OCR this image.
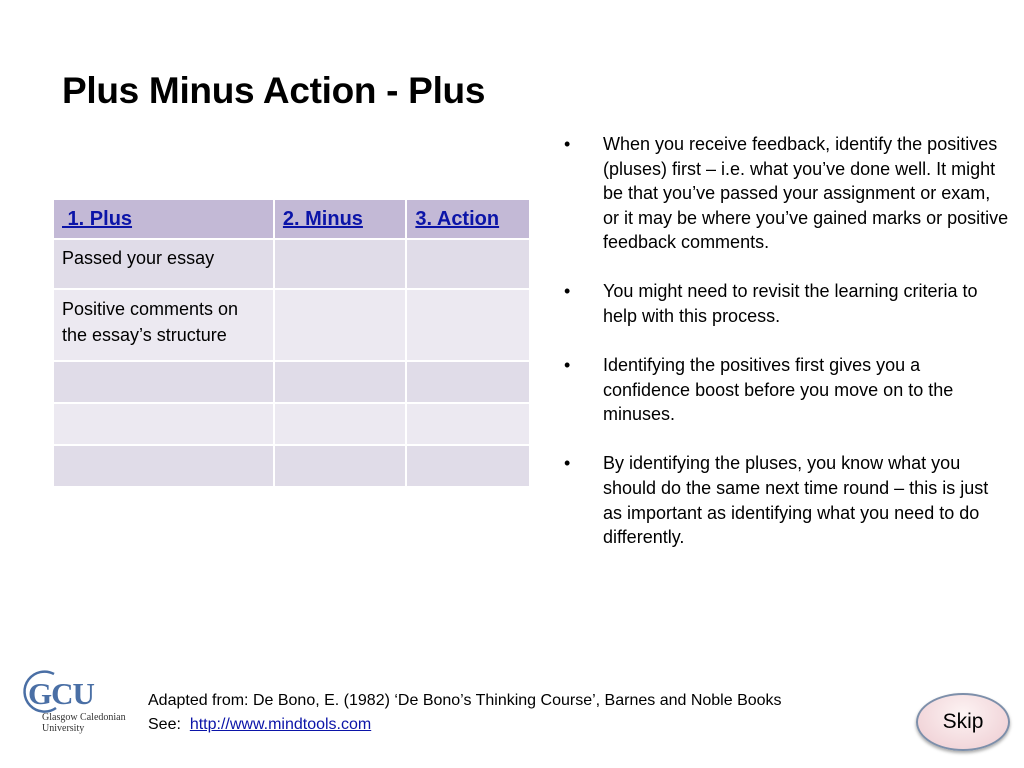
Plus Minus Action - Plus
1. Plus	2. Minus	3. Action
Passed your essay		
Positive comments on the essay’s structure		

• When you receive feedback, identify the positives (pluses) first – i.e. what you’ve done well. It might be that you’ve passed your assignment or exam, or it may be where you’ve gained marks or positive feedback comments.
• You might need to revisit the learning criteria to help with this process.
• Identifying the positives first gives you a confidence boost before you move on to the minuses.
• By identifying the pluses, you know what you should do the same next time round – this is just as important as identifying what you need to do differently.
GCU
Glasgow Caledonian
University
Adapted from: De Bono, E. (1982) ‘De Bono’s Thinking Course’, Barnes and Noble Books
See:  http://www.mindtools.com	Skip
